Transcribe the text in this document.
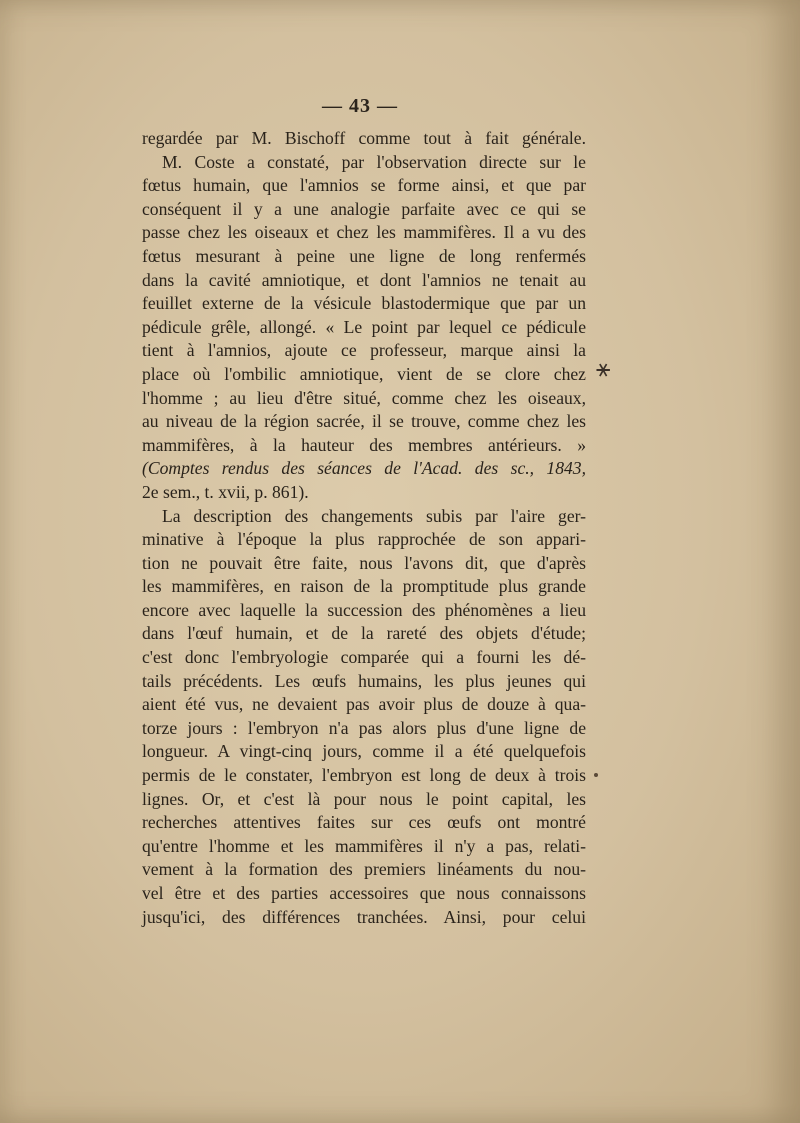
— 43 —
regardée par M. Bischoff comme tout à fait générale.
M. Coste a constaté, par l'observation directe sur le
fœtus humain, que l'amnios se forme ainsi, et que par
conséquent il y a une analogie parfaite avec ce qui se
passe chez les oiseaux et chez les mammifères. Il a vu des
fœtus mesurant à peine une ligne de long renfermés
dans la cavité amniotique, et dont l'amnios ne tenait au
feuillet externe de la vésicule blastodermique que par un
pédicule grêle, allongé. « Le point par lequel ce pédicule
tient à l'amnios, ajoute ce professeur, marque ainsi la
place où l'ombilic amniotique, vient de se clore chez
l'homme ; au lieu d'être situé, comme chez les oiseaux,
au niveau de la région sacrée, il se trouve, comme chez les
mammifères, à la hauteur des membres antérieurs. »
(Comptes rendus des séances de l'Acad. des sc., 1843,
2e sem., t. xvii, p. 861).
La description des changements subis par l'aire ger-
minative à l'époque la plus rapprochée de son appari-
tion ne pouvait être faite, nous l'avons dit, que d'après
les mammifères, en raison de la promptitude plus grande
encore avec laquelle la succession des phénomènes a lieu
dans l'œuf humain, et de la rareté des objets d'étude;
c'est donc l'embryologie comparée qui a fourni les dé-
tails précédents. Les œufs humains, les plus jeunes qui
aient été vus, ne devaient pas avoir plus de douze à qua-
torze jours : l'embryon n'a pas alors plus d'une ligne de
longueur. A vingt-cinq jours, comme il a été quelquefois
permis de le constater, l'embryon est long de deux à trois
lignes. Or, et c'est là pour nous le point capital, les
recherches attentives faites sur ces œufs ont montré
qu'entre l'homme et les mammifères il n'y a pas, relati-
vement à la formation des premiers linéaments du nou-
vel être et des parties accessoires que nous connaissons
jusqu'ici, des différences tranchées. Ainsi, pour celui
⚹
